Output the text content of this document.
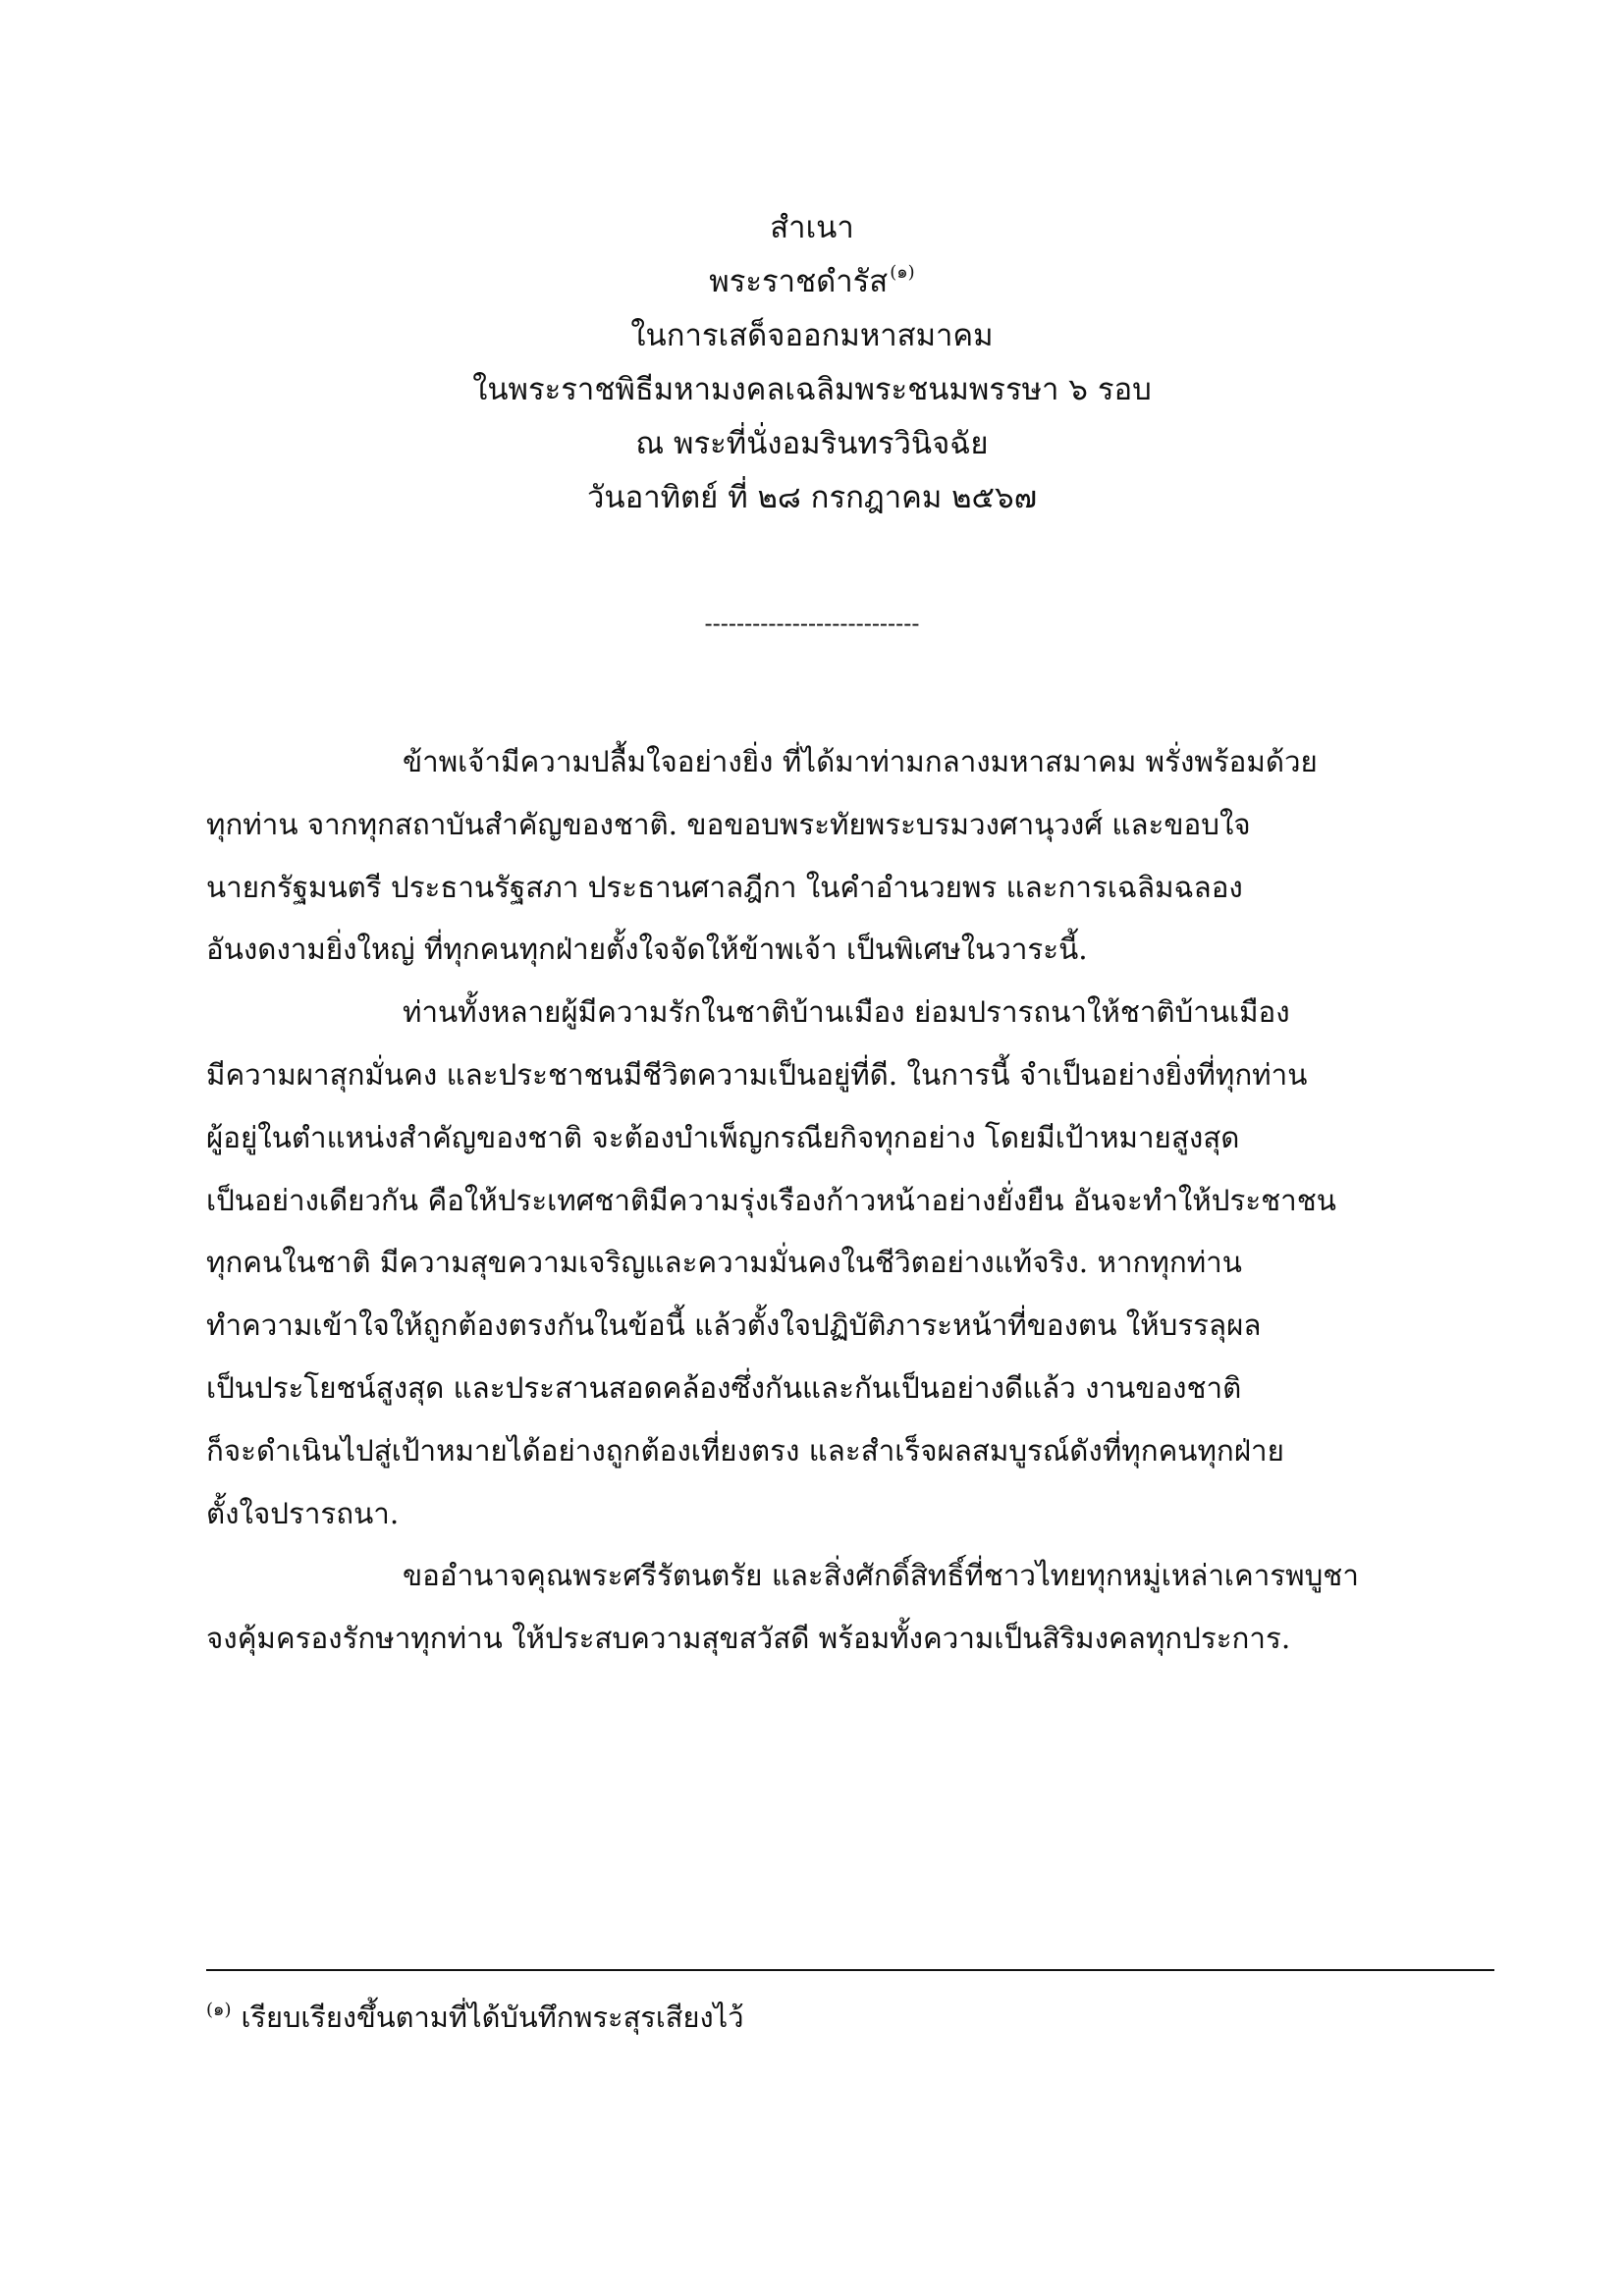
สำเนา
พระราชดำรัส $^{(๑)}$
ในการเสด็จออกมหาสมาคม
ในพระราชพิธีมหามงคลเฉลิมพระชนมพรรษา ๖ รอบ
ณ พระที่นั่งอมรินทรวินิจฉัย
วันอาทิตย์ ที่ ๒๘ กรกฎาคม ๒๕๖๗
---------------------------
ข้าพเจ้ามีความปลื้มใจอย่างยิ่ง ที่ได้มาท่ามกลางมหาสมาคม พรั่งพร้อมด้วย
ทุกท่าน จากทุกสถาบันสำคัญของชาติ. ขอขอบพระทัยพระบรมวงศานุวงศ์ และขอบใจ
นายกรัฐมนตรี ประธานรัฐสภา ประธานศาลฎีกา ในคำอำนวยพร และการเฉลิมฉลอง
อันงดงามยิ่งใหญ่ ที่ทุกคนทุกฝ่ายตั้งใจจัดให้ข้าพเจ้า เป็นพิเศษในวาระนี้.
ท่านทั้งหลายผู้มีความรักในชาติบ้านเมือง ย่อมปรารถนาให้ชาติบ้านเมือง
มีความผาสุกมั่นคง และประชาชนมีชีวิตความเป็นอยู่ที่ดี. ในการนี้ จำเป็นอย่างยิ่งที่ทุกท่าน
ผู้อยู่ในตำแหน่งสำคัญของชาติ จะต้องบำเพ็ญกรณียกิจทุกอย่าง โดยมีเป้าหมายสูงสุด
เป็นอย่างเดียวกัน คือให้ประเทศชาติมีความรุ่งเรืองก้าวหน้าอย่างยั่งยืน อันจะทำให้ประชาชน
ทุกคนในชาติ มีความสุขความเจริญและความมั่นคงในชีวิตอย่างแท้จริง. หากทุกท่าน
ทำความเข้าใจให้ถูกต้องตรงกันในข้อนี้ แล้วตั้งใจปฏิบัติภาระหน้าที่ของตน ให้บรรลุผล
เป็นประโยชน์สูงสุด และประสานสอดคล้องซึ่งกันและกันเป็นอย่างดีแล้ว งานของชาติ
ก็จะดำเนินไปสู่เป้าหมายได้อย่างถูกต้องเที่ยงตรง และสำเร็จผลสมบูรณ์ดังที่ทุกคนทุกฝ่าย
ตั้งใจปรารถนา.
ขออำนาจคุณพระศรีรัตนตรัย และสิ่งศักดิ์สิทธิ์ที่ชาวไทยทุกหมู่เหล่าเคารพบูชา
จงคุ้มครองรักษาทุกท่าน ให้ประสบความสุขสวัสดี พร้อมทั้งความเป็นสิริมงคลทุกประการ.
$^{(๑)}$ เรียบเรียงขึ้นตามที่ได้บันทึกพระสุรเสียงไว้
